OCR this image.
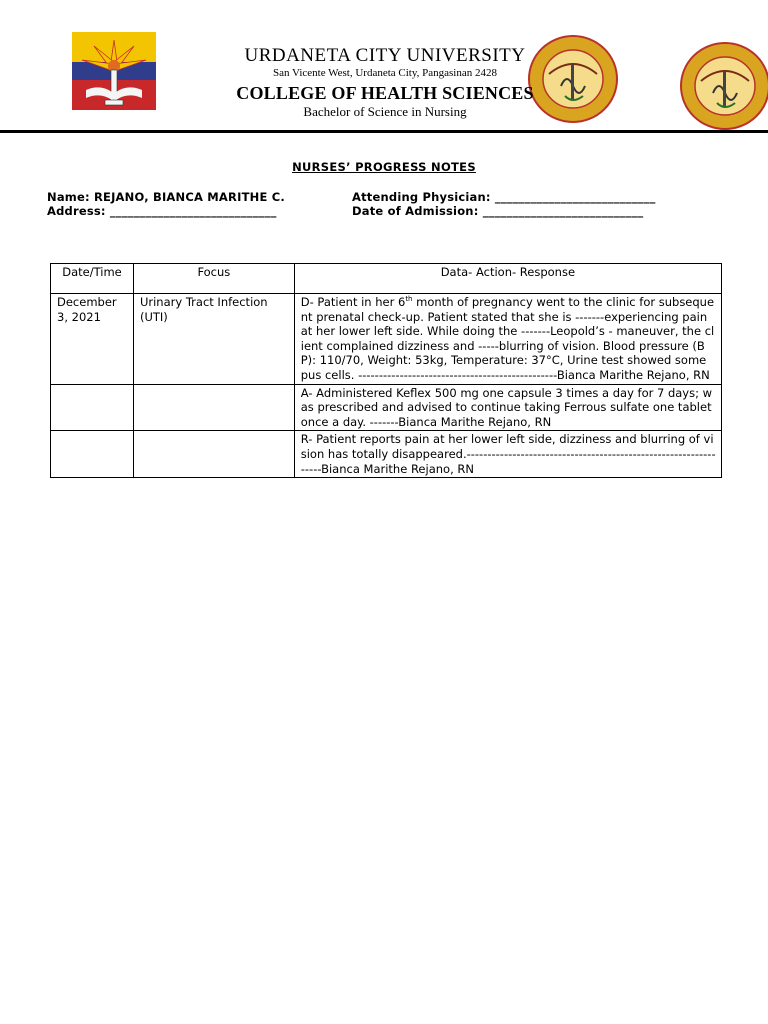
URDANETA CITY UNIVERSITY
San Vicente West, Urdaneta City, Pangasinan 2428
COLLEGE OF HEALTH SCIENCES
Bachelor of Science in Nursing
NURSES’ PROGRESS NOTES
Name: REJANO, BIANCA MARITHE C.	Attending Physician: ___________________________
Address: ____________________________	Date of Admission: ___________________________
Date/Time	Focus	Data- Action- Response
December 3, 2021	Urinary Tract Infection (UTI)	D- Patient in her 6th month of pregnancy went to the clinic for subsequent prenatal check-up. Patient stated that she is -------experiencing pain at her lower left side. While doing the -------Leopold’s - maneuver, the client complained dizziness and -----blurring of vision. Blood pressure (BP): 110/70, Weight: 53kg, Temperature: 37°C, Urine test showed some pus cells. ------------------------------------------------Bianca Marithe Rejano, RN
		A- Administered Keflex 500 mg one capsule 3 times a day for 7 days; was prescribed and advised to continue taking Ferrous sulfate one tablet once a day. -------Bianca Marithe Rejano, RN
		R- Patient reports pain at her lower left side, dizziness and blurring of vision has totally disappeared.-----------------------------------------------------------------Bianca Marithe Rejano, RN
